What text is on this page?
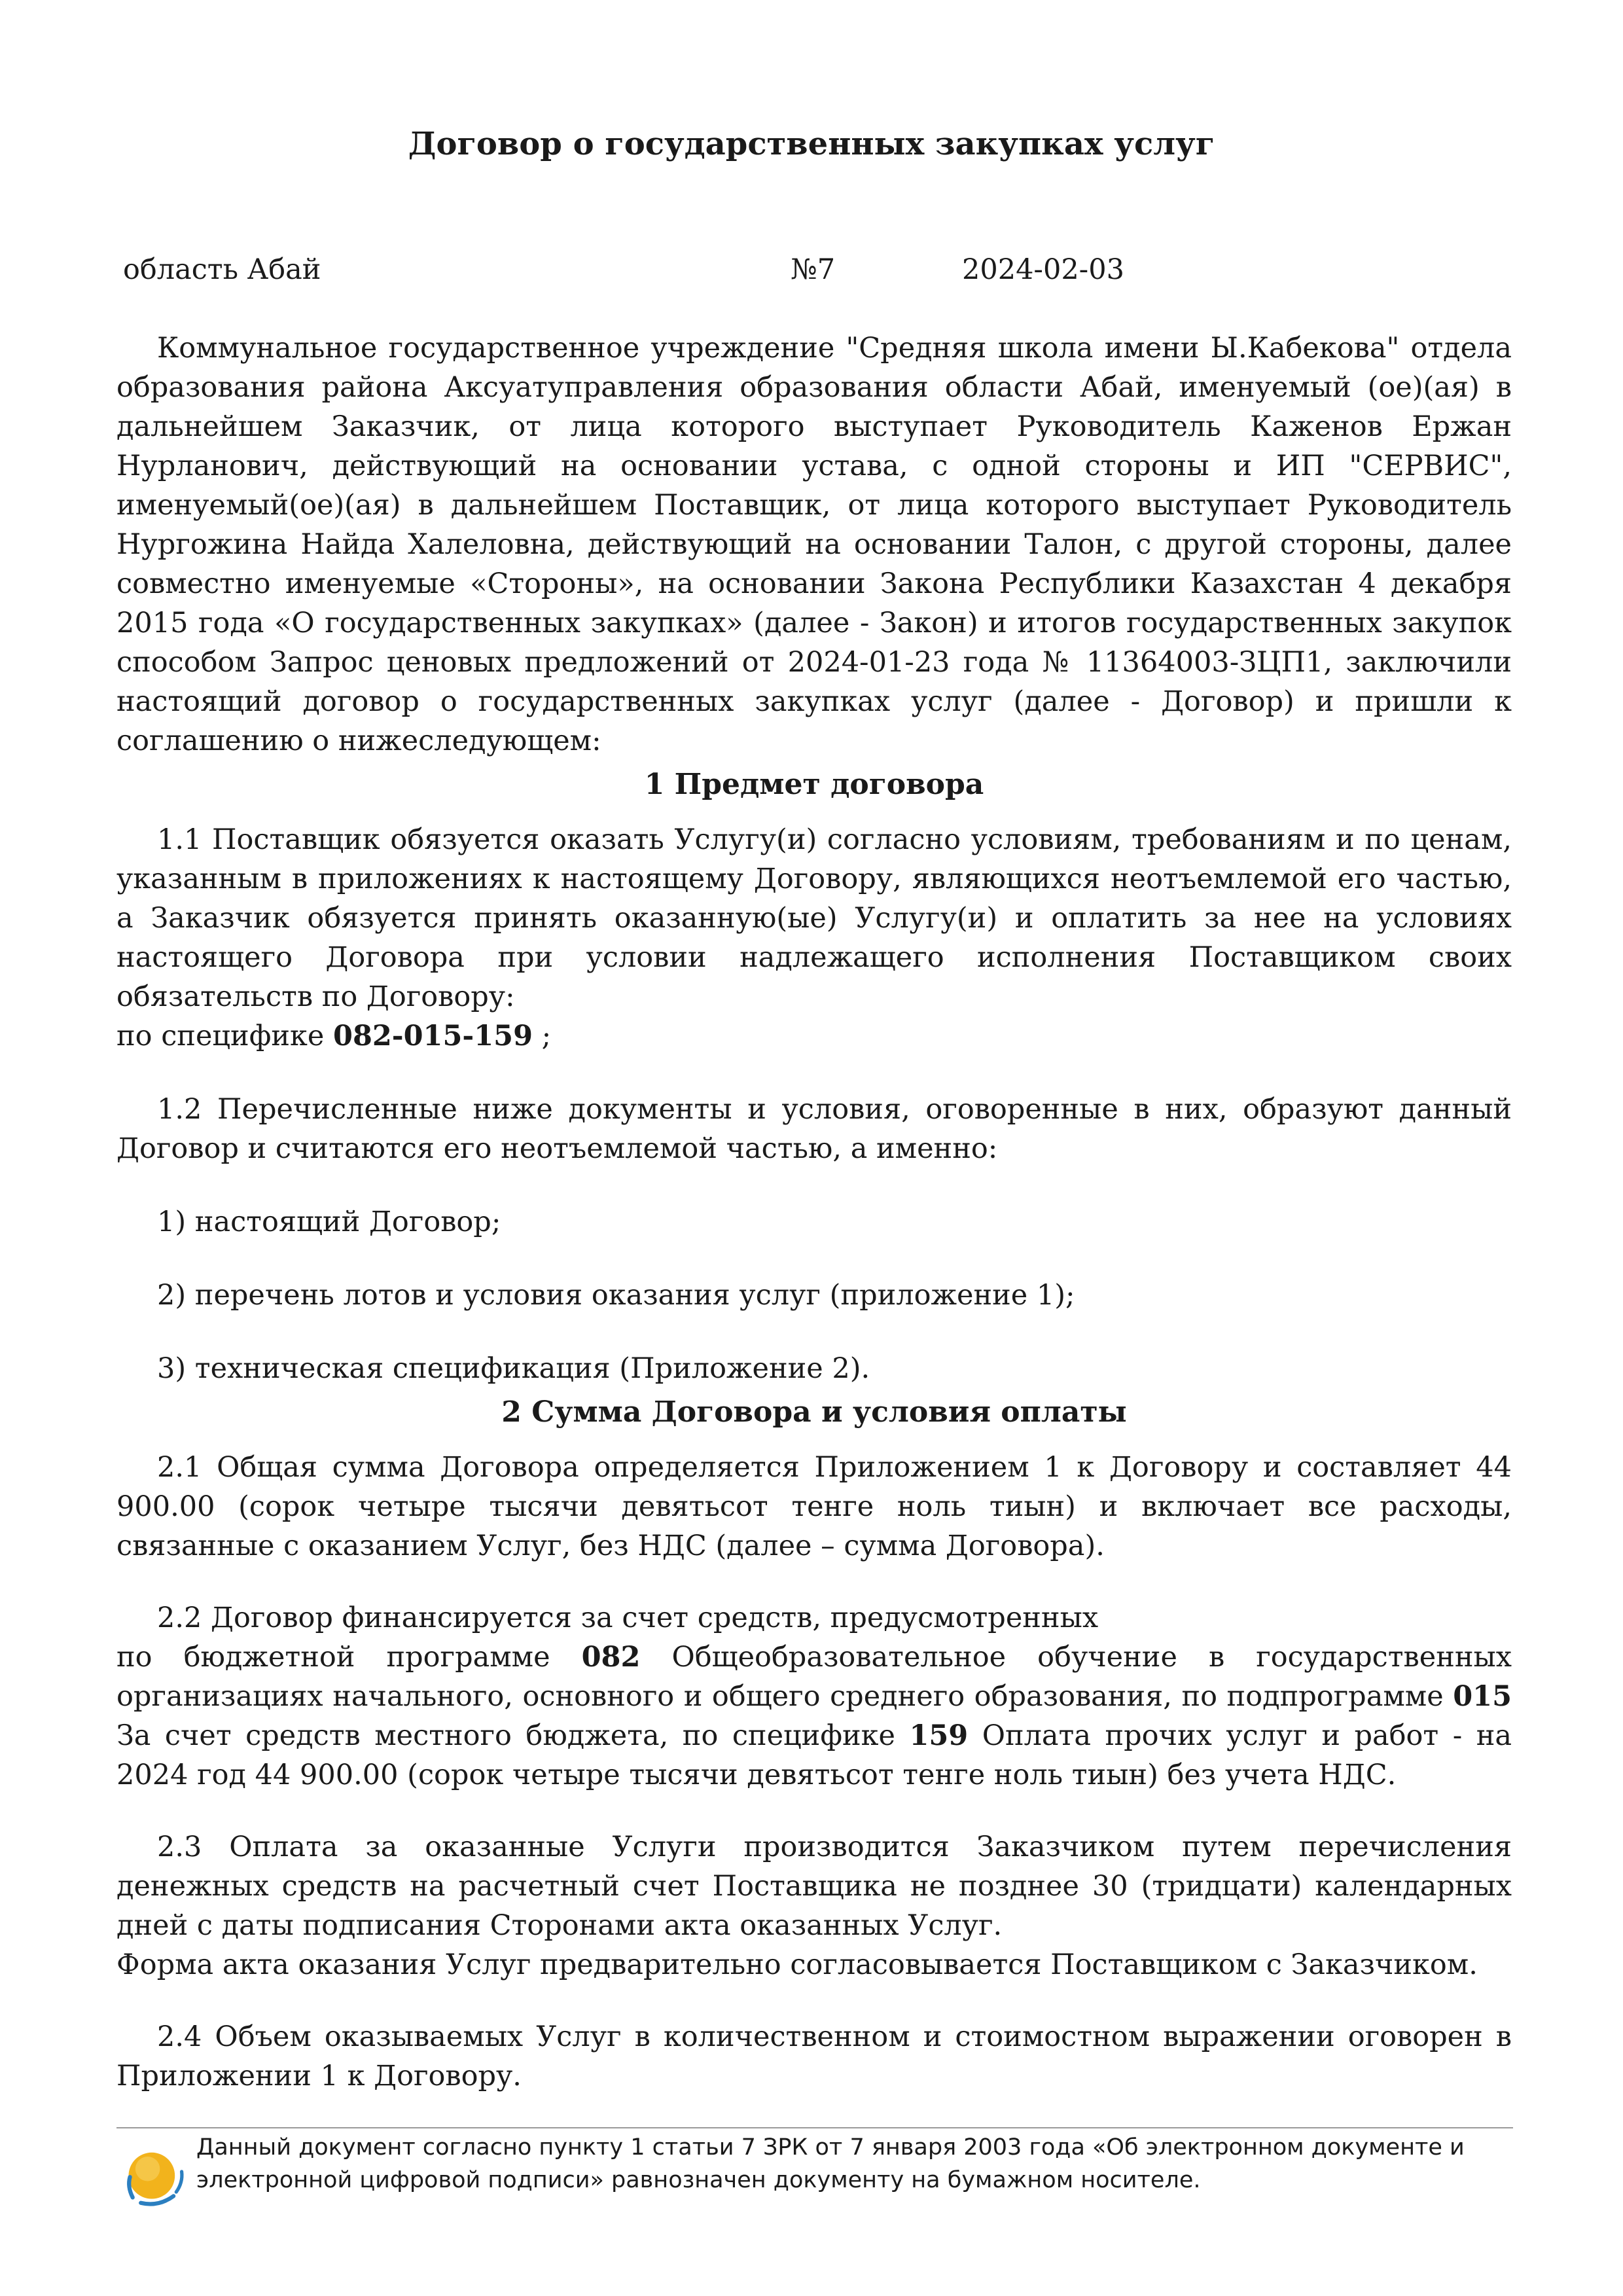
Договор о государственных закупках услуг
область Абай	№7	2024-02-03

Коммунальное государственное учреждение "Средняя школа имени Ы.Кабекова" отдела образования района Аксуатуправления образования области Абай, именуемый (ое)(ая) в дальнейшем Заказчик, от лица которого выступает Руководитель Каженов Ержан Нурланович, действующий на основании устава, с одной стороны и ИП "СЕРВИС", именуемый(ое)(ая) в дальнейшем Поставщик, от лица которого выступает Руководитель Нургожина Найда Халеловна, действующий на основании Талон, с другой стороны, далее совместно именуемые «Стороны», на основании Закона Республики Казахстан 4 декабря 2015 года «О государственных закупках» (далее - Закон) и итогов государственных закупок способом Запрос ценовых предложений от 2024-01-23 года № 11364003-ЗЦП1, заключили настоящий договор о государственных закупках услуг (далее - Договор) и пришли к соглашению о нижеследующем:

1 Предмет договора

1.1 Поставщик обязуется оказать Услугу(и) согласно условиям, требованиям и по ценам, указанным в приложениях к настоящему Договору, являющихся неотъемлемой его частью, а Заказчик обязуется принять оказанную(ые) Услугу(и) и оплатить за нее на условиях настоящего Договора при условии надлежащего исполнения Поставщиком своих обязательств по Договору:

по специфике 082-015-159 ;

1.2 Перечисленные ниже документы и условия, оговоренные в них, образуют данный Договор и считаются его неотъемлемой частью, а именно:

1) настоящий Договор;

2) перечень лотов и условия оказания услуг (приложение 1);

3) техническая спецификация (Приложение 2).

2 Сумма Договора и условия оплаты

2.1 Общая сумма Договора определяется Приложением 1 к Договору и составляет 44 900.00 (сорок четыре тысячи девятьсот тенге ноль тиын) и включает все расходы, связанные с оказанием Услуг, без НДС (далее – сумма Договора).

2.2 Договор финансируется за счет средств, предусмотренных

по бюджетной программе 082 Общеобразовательное обучение в государственных организациях начального, основного и общего среднего образования, по подпрограмме 015 За счет средств местного бюджета, по специфике 159 Оплата прочих услуг и работ - на 2024 год 44 900.00 (сорок четыре тысячи девятьсот тенге ноль тиын) без учета НДС.

2.3 Оплата за оказанные Услуги производится Заказчиком путем перечисления денежных средств на расчетный счет Поставщика не позднее 30 (тридцати) календарных дней с даты подписания Сторонами акта оказанных Услуг.

Форма акта оказания Услуг предварительно согласовывается Поставщиком с Заказчиком.

2.4 Объем оказываемых Услуг в количественном и стоимостном выражении оговорен в Приложении 1 к Договору.

Данный документ согласно пункту 1 статьи 7 ЗРК от 7 января 2003 года «Об электронном документе и электронной цифровой подписи» равнозначен документу на бумажном носителе.
